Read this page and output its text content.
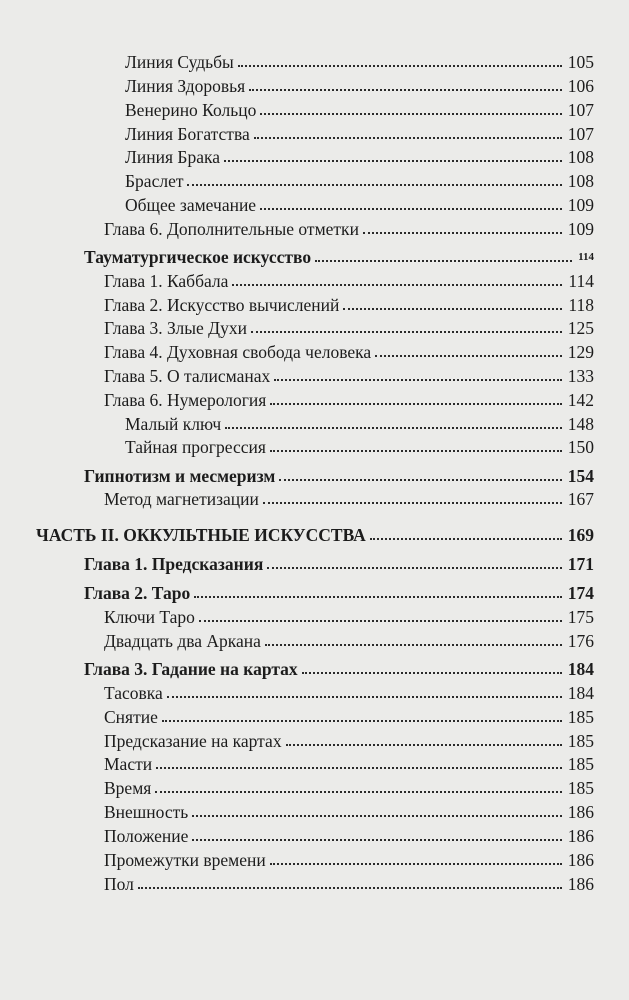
Линия Судьбы	105
Линия Здоровья	106
Венерино Кольцо	107
Линия Богатства	107
Линия Брака	108
Браслет	108
Общее замечание	109
Глава 6. Дополнительные отметки	109
Тауматургическое искусство	114
Глава 1. Каббала	114
Глава 2. Искусство вычислений	118
Глава 3. Злые Духи	125
Глава 4. Духовная свобода человека	129
Глава 5. О талисманах	133
Глава 6. Нумерология	142
Малый ключ	148
Тайная прогрессия	150
Гипнотизм и месмеризм	154
Метод магнетизации	167
ЧАСТЬ II. ОККУЛЬТНЫЕ ИСКУССТВА	169
Глава 1. Предсказания	171
Глава 2. Таро	174
Ключи Таро	175
Двадцать два Аркана	176
Глава 3. Гадание на картах	184
Тасовка	184
Снятие	185
Предсказание на картах	185
Масти	185
Время	185
Внешность	186
Положение	186
Промежутки времени	186
Пол	186
